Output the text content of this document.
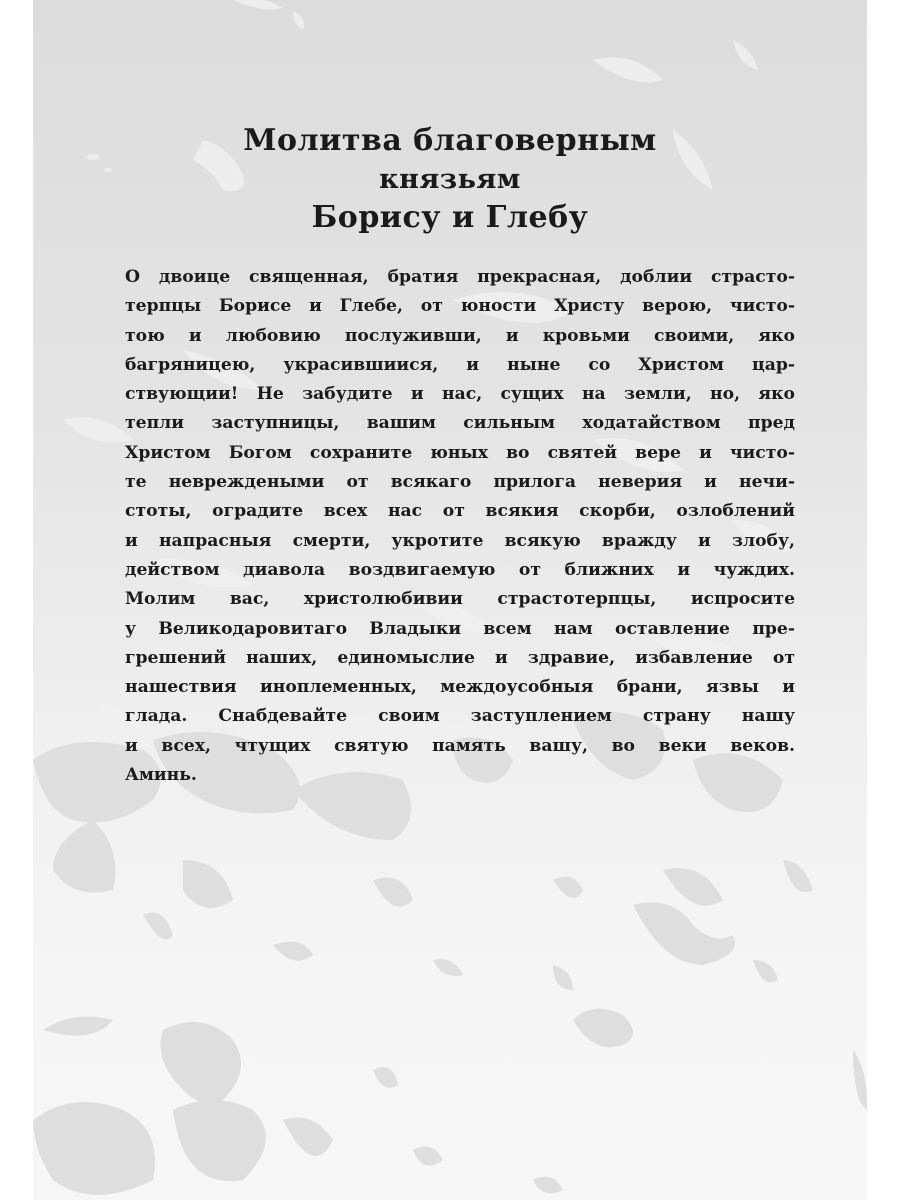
Молитва благоверным
князьям
Борису и Глебу
О двоице священная, братия прекрасная, доблии страсто-
терпцы Борисе и Глебе, от юности Христу верою, чисто-
тою и любовию послуживши, и кровьми своими, яко
багряницею, украсившиися, и ныне со Христом цар-
ствующии! Не забудите и нас, сущих на земли, но, яко
тепли заступницы, вашим сильным ходатайством пред
Христом Богом сохраните юных во святей вере и чисто-
те невреждеными от всякаго прилога неверия и нечи-
стоты, оградите всех нас от всякия скорби, озлоблений
и напрасныя смерти, укротите всякую вражду и злобу,
действом диавола воздвигаемую от ближних и чуждих.
Молим вас, христолюбивии страстотерпцы, испросите
у Великодаровитаго Владыки всем нам оставление пре-
грешений наших, единомыслие и здравие, избавление от
нашествия иноплеменных, междоусобныя брани, язвы и
глада. Снабдевайте своим заступлением страну нашу
и всех, чтущих святую память вашу, во веки веков.
Аминь.
